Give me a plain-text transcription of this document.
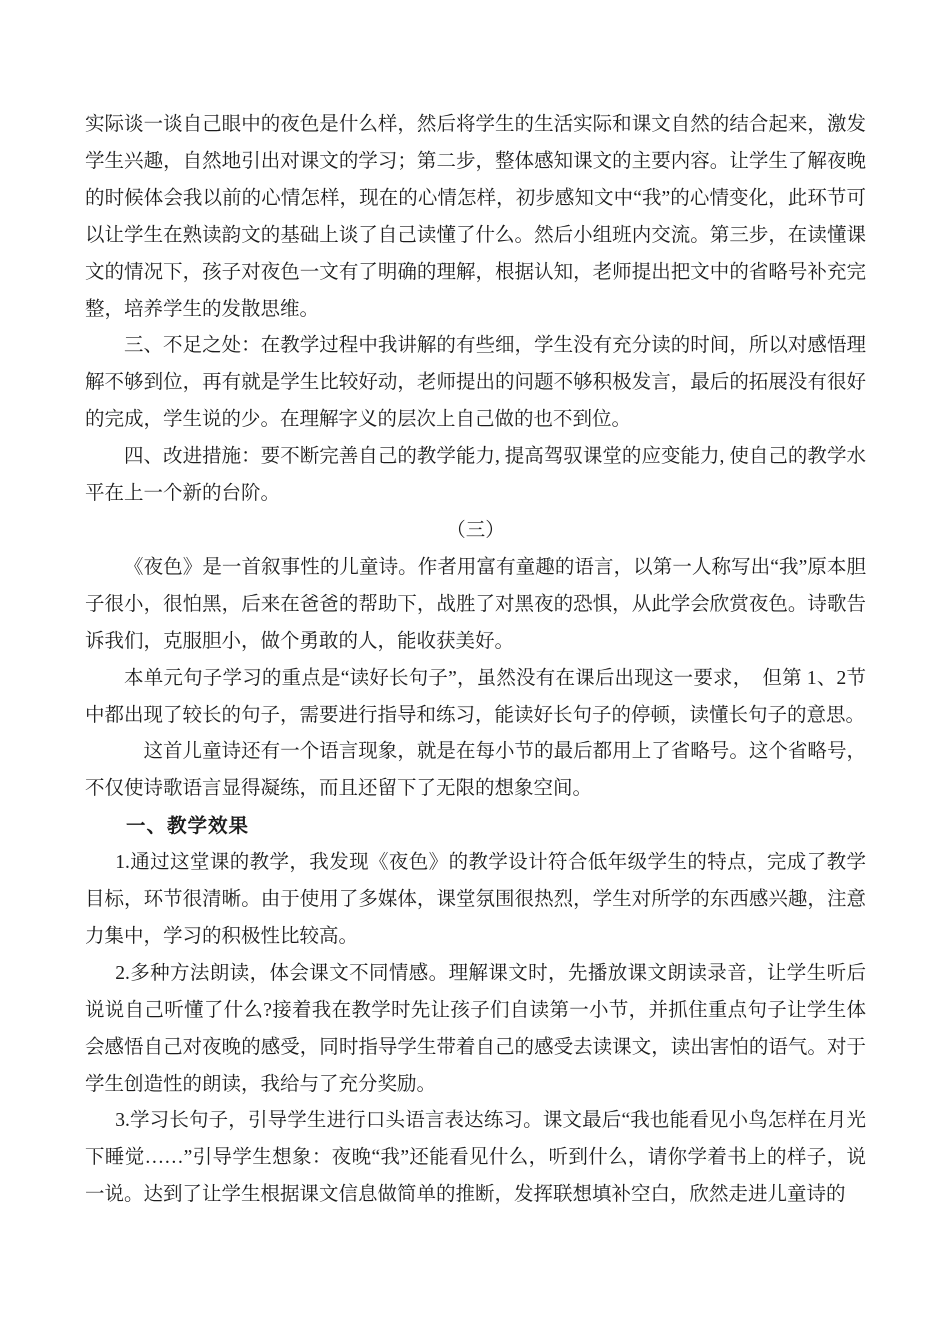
实际谈一谈自己眼中的夜色是什么样，然后将学生的生活实际和课文自然的结合起来，激发学生兴趣，自然地引出对课文的学习；第二步，整体感知课文的主要内容。让学生了解夜晚的时候体会我以前的心情怎样，现在的心情怎样，初步感知文中“我”的心情变化，此环节可以让学生在熟读韵文的基础上谈了自己读懂了什么。然后小组班内交流。第三步，在读懂课文的情况下，孩子对夜色一文有了明确的理解，根据认知，老师提出把文中的省略号补充完整，培养学生的发散思维。

三、不足之处：在教学过程中我讲解的有些细，学生没有充分读的时间，所以对感悟理解不够到位，再有就是学生比较好动，老师提出的问题不够积极发言，最后的拓展没有很好的完成，学生说的少。在理解字义的层次上自己做的也不到位。

四、改进措施：要不断完善自己的教学能力, 提高驾驭课堂的应变能力, 使自己的教学水平在上一个新的台阶。

（三）

《夜色》是一首叙事性的儿童诗。作者用富有童趣的语言，以第一人称写出“我”原本胆子很小，很怕黑，后来在爸爸的帮助下，战胜了对黑夜的恐惧，从此学会欣赏夜色。诗歌告诉我们，克服胆小，做个勇敢的人，能收获美好。

本单元句子学习的重点是“读好长句子”，虽然没有在课后出现这一要求，　但第 1、2节中都出现了较长的句子，需要进行指导和练习，能读好长句子的停顿，读懂长句子的意思。

这首儿童诗还有一个语言现象，就是在每小节的最后都用上了省略号。这个省略号，不仅使诗歌语言显得凝练，而且还留下了无限的想象空间。

一、教学效果

1.通过这堂课的教学，我发现《夜色》的教学设计符合低年级学生的特点，完成了教学目标，环节很清晰。由于使用了多媒体，课堂氛围很热烈，学生对所学的东西感兴趣，注意力集中，学习的积极性比较高。

2.多种方法朗读，体会课文不同情感。理解课文时，先播放课文朗读录音，让学生听后说说自己听懂了什么?接着我在教学时先让孩子们自读第一小节，并抓住重点句子让学生体会感悟自己对夜晚的感受，同时指导学生带着自己的感受去读课文，读出害怕的语气。对于学生创造性的朗读，我给与了充分奖励。

3.学习长句子，引导学生进行口头语言表达练习。课文最后“我也能看见小鸟怎样在月光下睡觉……”引导学生想象：夜晚“我”还能看见什么，听到什么，请你学着书上的样子，说一说。达到了让学生根据课文信息做简单的推断，发挥联想填补空白，欣然走进儿童诗的
